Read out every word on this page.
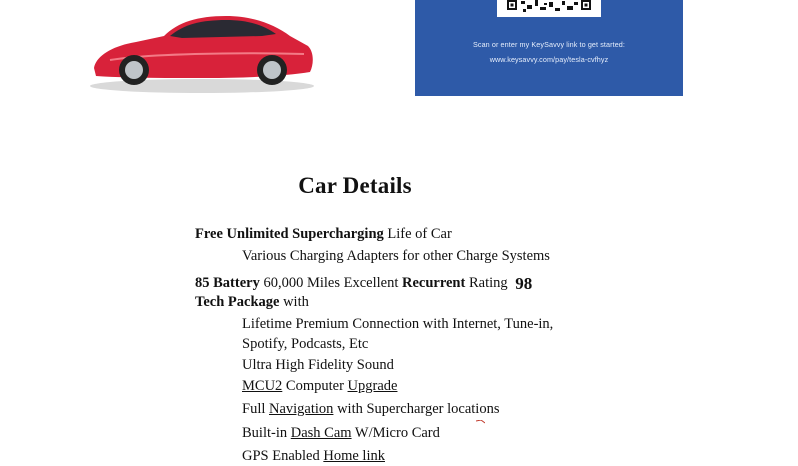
Scan or enter my KeySavvy link to get started:
www.keysavvy.com/pay/tesla-cvfhyz
Car Details
Free Unlimited Supercharging Life of Car
Various Charging Adapters for other Charge Systems
85 Battery 60,000 Miles Excellent Recurrent Rating 98
Tech Package with
Lifetime Premium Connection with Internet, Tune-in,
Spotify, Podcasts, Etc
Ultra High Fidelity Sound
MCU2 Computer Upgrade
Full Navigation with Supercharger locations
Built-in Dash Cam W/Micro Card
GPS Enabled Home link
